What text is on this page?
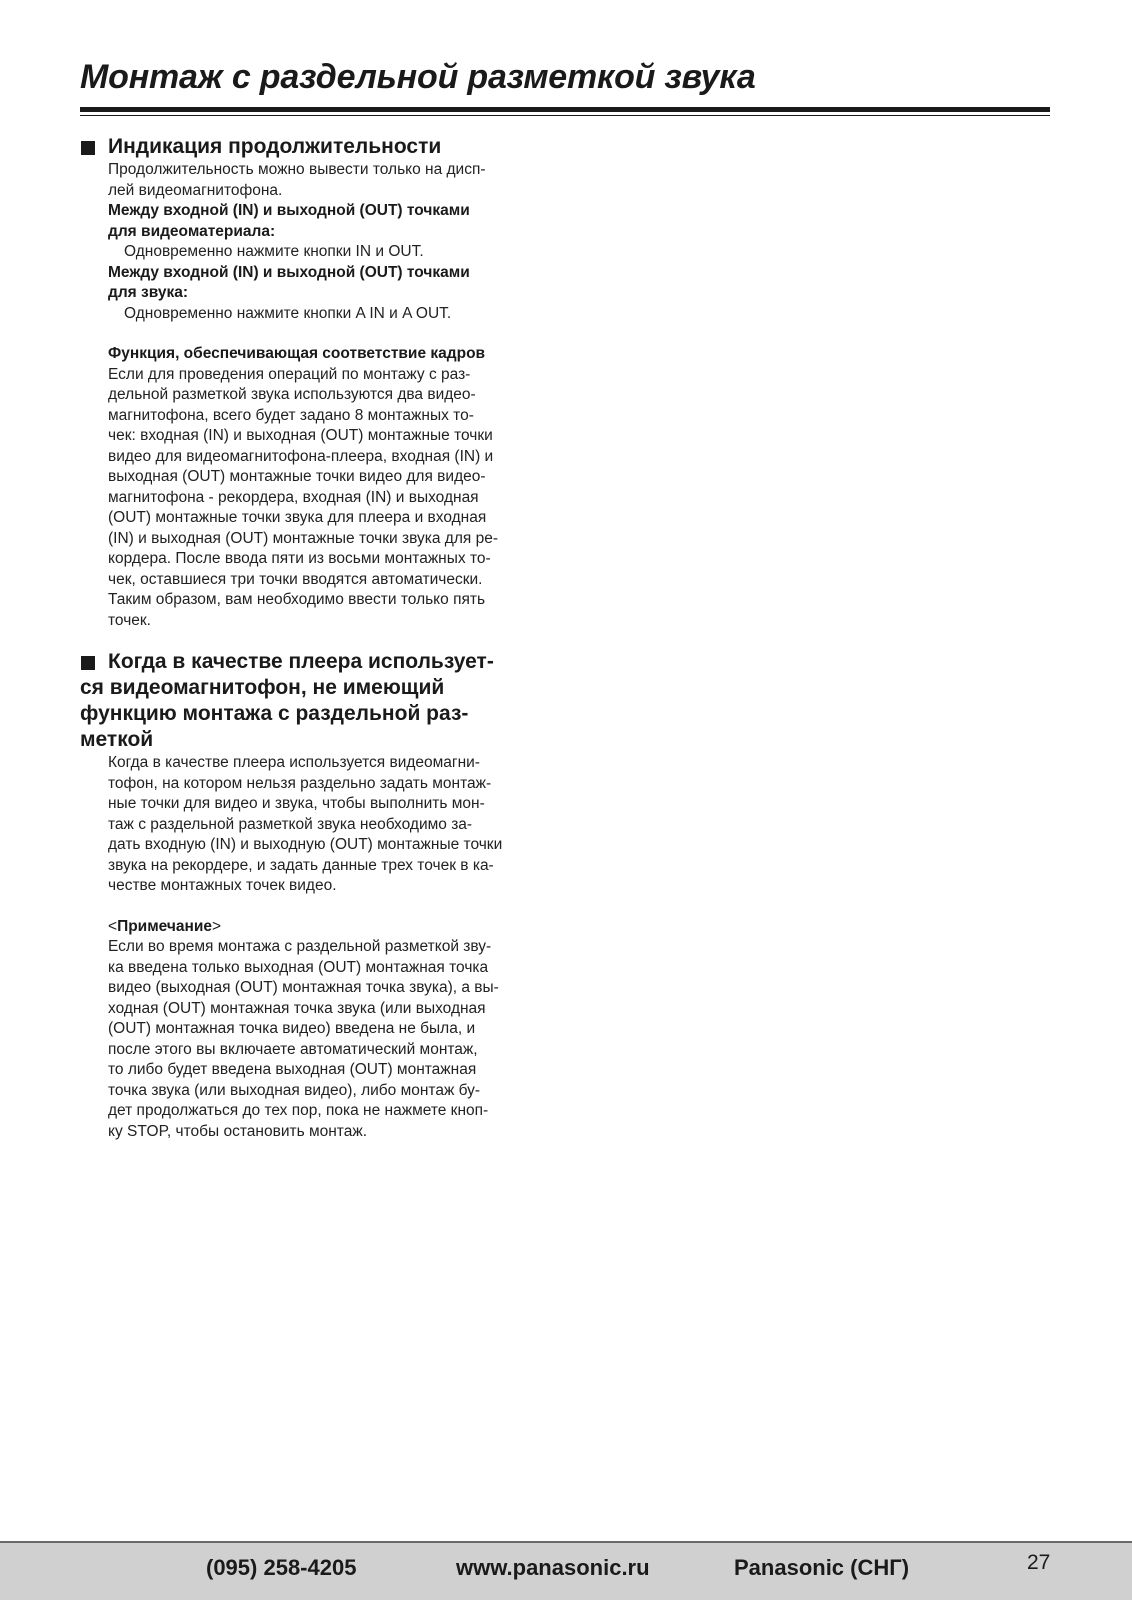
Монтаж с раздельной разметкой звука
Индикация продолжительности

Продолжительность можно вывести только на дисп-

лей видеомагнитофона.

Между входной (IN) и выходной (OUT) точками

для видеоматериала:

Одновременно нажмите кнопки IN и OUT.

Между входной (IN) и выходной (OUT) точками

для звука:

Одновременно нажмите кнопки A IN и A OUT.

Функция, обеспечивающая соответствие кадров

Если для проведения операций по монтажу с раз-

дельной разметкой звука используются два видео-

магнитофона, всего будет задано 8 монтажных то-

чек: входная (IN) и выходная (OUT) монтажные точки

видео для видеомагнитофона-плеера, входная (IN) и

выходная (OUT) монтажные точки видео для видео-

магнитофона - рекордера, входная (IN) и выходная

(OUT) монтажные точки звука для плеера и входная

(IN) и выходная (OUT) монтажные точки звука для ре-

кордера. После ввода пяти из восьми монтажных то-

чек, оставшиеся три точки вводятся автоматически.

Таким образом, вам необходимо ввести только пять

точек.

Когда в качестве плеера использует-
ся видеомагнитофон, не имеющий
функцию монтажа с раздельной раз-
меткой

Когда в качестве плеера используется видеомагни-

тофон, на котором нельзя раздельно задать монтаж-

ные точки для видео и звука, чтобы выполнить мон-

таж с раздельной разметкой звука необходимо за-

дать входную (IN) и выходную (OUT) монтажные точки

звука на рекордере, и задать данные трех точек в ка-

честве монтажных точек видео.

<Примечание>

Если во время монтажа с раздельной разметкой зву-

ка введена только выходная (OUT) монтажная точка

видео (выходная (OUT) монтажная точка звука), а вы-

ходная (OUT) монтажная точка звука (или выходная

(OUT) монтажная точка видео) введена не была, и

после этого вы включаете автоматический монтаж,

то либо будет введена выходная (OUT) монтажная

точка звука (или выходная видео), либо монтаж бу-

дет продолжаться до тех пор, пока не нажмете кноп-

ку STOP, чтобы остановить монтаж.

(095) 258-4205	www.panasonic.ru	Panasonic (СНГ)	27
